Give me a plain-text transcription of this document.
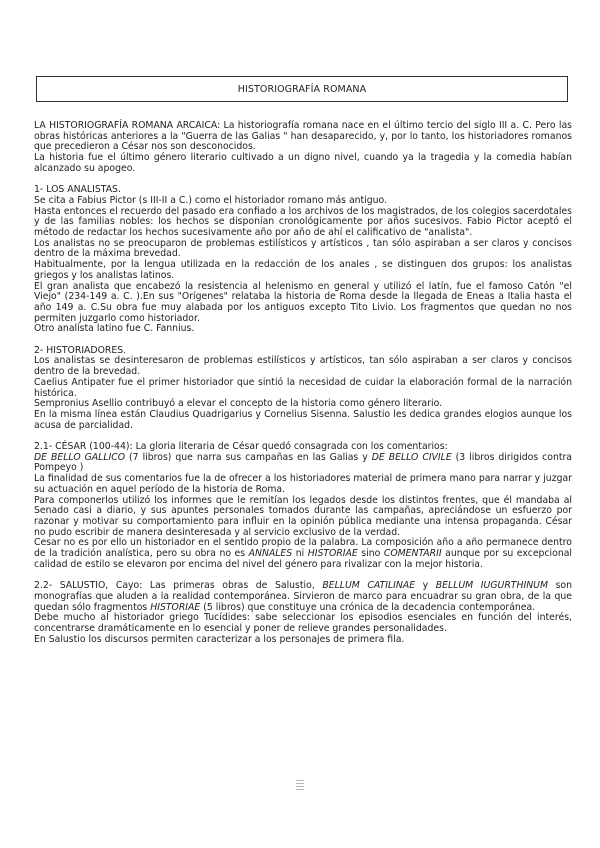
HISTORIOGRAFÍA ROMANA

LA HISTORIOGRAFÍA ROMANA ARCAICA: La historiografía romana nace en el último tercio del siglo III a. C. Pero las obras históricas anteriores a la "Guerra de las Galias " han desaparecido, y, por lo tanto, los historiadores romanos que precedieron a César nos son desconocidos.

La historia fue el último género literario cultivado a un digno nivel, cuando ya la tragedia y la comedia habían alcanzado su apogeo.

1- LOS ANALISTAS.

Se cita a Fabius Pictor (s III-II a C.) como el historiador romano más antiguo.

Hasta entonces el recuerdo del pasado era confiado a los archivos de los magistrados, de los colegios sacerdotales y de las familias nobles: los hechos se disponían cronológicamente por años sucesivos. Fabio Pictor aceptó el método de redactar los hechos sucesivamente año por año de ahí el calificativo de "analista".

Los analistas no se preocuparon de problemas estilísticos y artísticos , tan sólo aspiraban a ser claros y concisos dentro de la máxima brevedad.

Habitualmente, por la lengua utilizada en la redacción de los anales , se distinguen dos grupos: los analistas griegos y los analistas latinos.

El gran analista que encabezó la resistencia al helenismo en general y utilizó el latín, fue el famoso Catón "el Viejo" (234-149 a. C. ).En sus "Orígenes" relataba la historia de Roma desde la llegada de Eneas a Italia hasta el año 149 a. C.Su obra fue muy alabada por los antiguos excepto Tito Livio. Los fragmentos que quedan no nos permiten juzgarlo como historiador.

Otro analista latino fue C. Fannius.

2- HISTORIADORES.

Los analistas se desinteresaron de problemas estilísticos y artísticos, tan sólo aspiraban a ser claros y concisos dentro de la brevedad.

Caelius Antipater fue el primer historiador que sintió la necesidad de cuidar la elaboración formal de la narración histórica.

Sempronius Asellio contribuyó a elevar el concepto de la historia como género literario.

En la misma línea están Claudius Quadrigarius y Cornelius Sisenna. Salustio les dedica grandes elogios aunque los acusa de parcialidad.

2.1- CÉSAR (100-44): La gloria literaria de César quedó consagrada con los comentarios:

DE BELLO GALLICO (7 libros) que narra sus campañas en las Galias y DE BELLO CIVILE (3 libros dirigidos contra Pompeyo )

La finalidad de sus comentarios fue la de ofrecer a los historiadores material de primera mano para narrar y juzgar su actuación en aquel período de la historia de Roma.

Para componerlos utilizó los informes que le remitían los legados desde los distintos frentes, que él mandaba al Senado casi a diario, y sus apuntes personales tomados durante las campañas, apreciándose un esfuerzo por razonar y motivar su comportamiento para influir en la opinión pública mediante una intensa propaganda. César no pudo escribir de manera desinteresada y al servicio exclusivo de la verdad.

Cesar no es por ello un historiador en el sentido propio de la palabra. La composición año a año permanece dentro de la tradición analística, pero su obra no es ANNALES ni HISTORIAE sino COMENTARII aunque por su excepcional calidad de estilo se elevaron por encima del nivel del género para rivalizar con la mejor historia.

2.2- SALUSTIO, Cayo: Las primeras obras de Salustio, BELLUM CATILINAE y BELLUM IUGURTHINUM son monografías que aluden a la realidad contemporánea. Sirvieron de marco para encuadrar su gran obra, de la que quedan sólo fragmentos HISTORIAE (5 libros) que constituye una crónica de la decadencia contemporánea.

Debe mucho al historiador griego Tucídides: sabe seleccionar los episodios esenciales en función del interés, concentrarse dramáticamente en lo esencial y poner de relieve grandes personalidades.

En Salustio los discursos permiten caracterizar a los personajes de primera fila.
